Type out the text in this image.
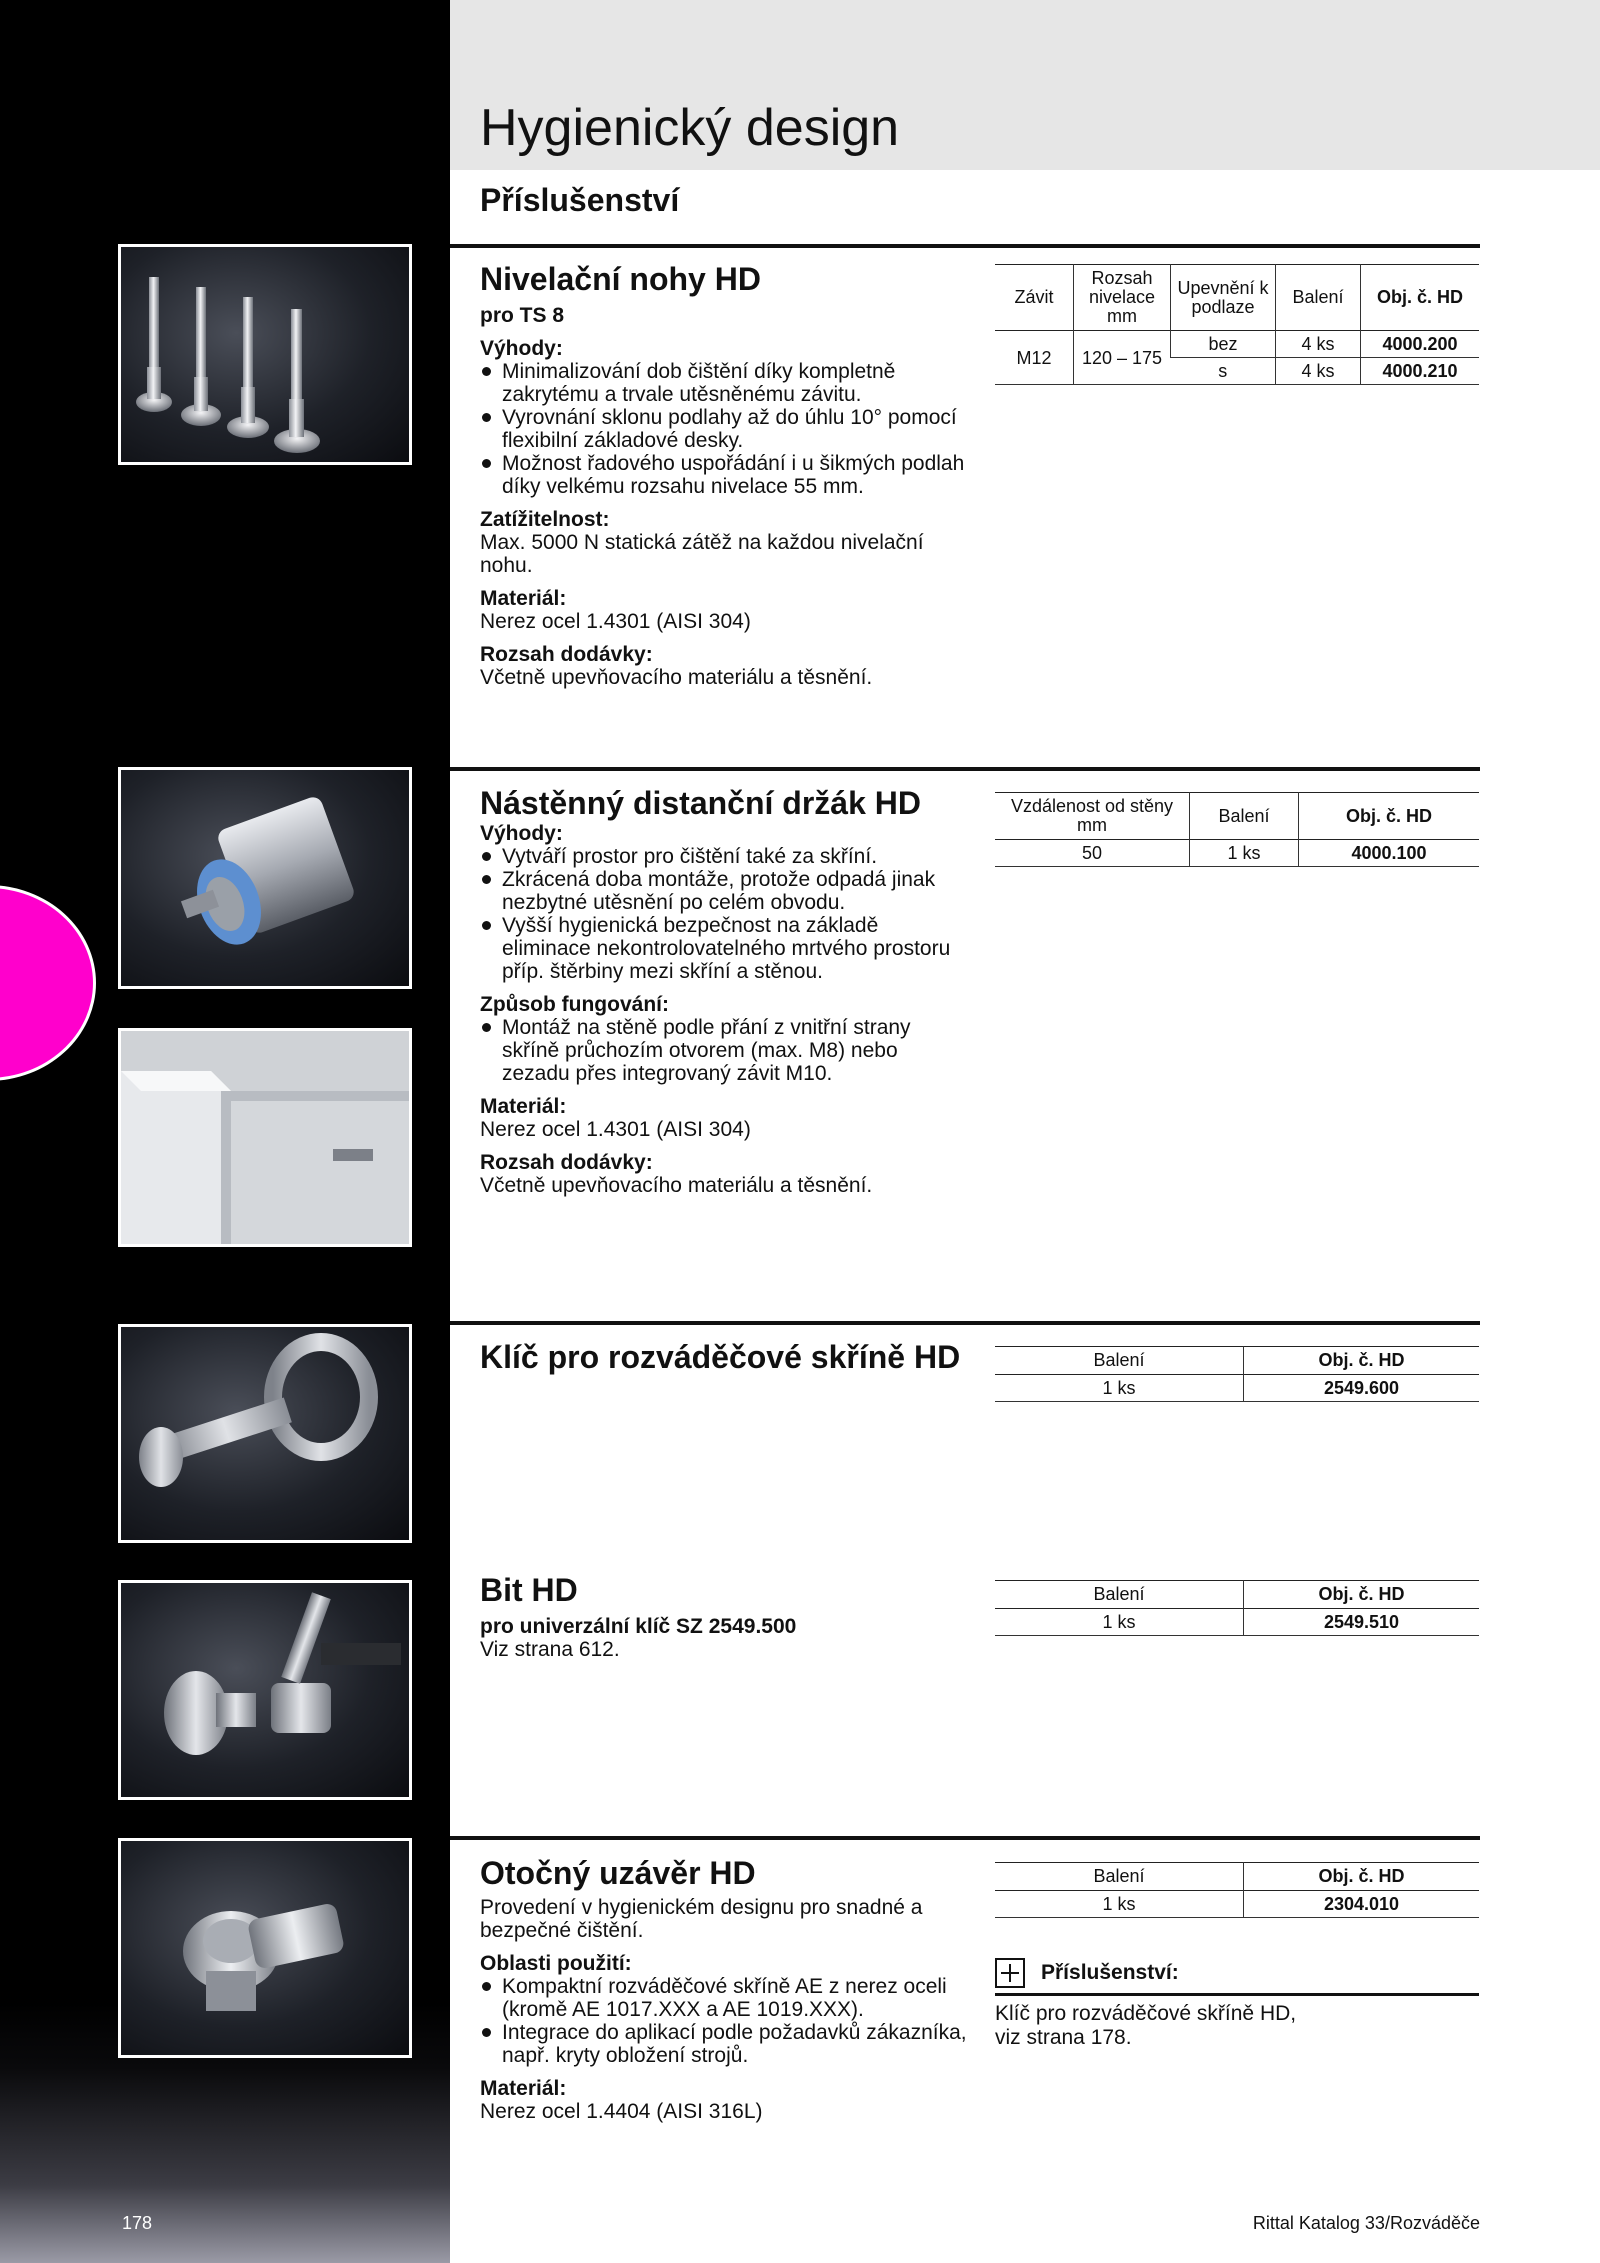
Hygienický design
Příslušenství
Nivelační nohy HD

pro TS 8

Výhody:
Minimalizování dob čištění díky kompletně zakrytému a trvale utěsněnému závitu.
Vyrovnání sklonu podlahy až do úhlu 10° pomocí flexibilní základové desky.
Možnost řadového uspořádání i u šikmých podlah díky velkému rozsahu nivelace 55 mm.
Zatížitelnost:

Max. 5000 N statická zátěž na každou nivelační nohu.

Materiál:

Nerez ocel 1.4301 (AISI 304)

Rozsah dodávky:

Včetně upevňovacího materiálu a těsnění.

Závit	Rozsah nivelace mm	Upevnění k podlaze	Balení	Obj. č. HD
M12	120 – 175	bez	4 ks	4000.200
		s	4 ks	4000.210
Nástěnný distanční držák HD
Výhody:
Vytváří prostor pro čištění také za skříní.
Zkrácená doba montáže, protože odpadá jinak nezbytné utěsnění po celém obvodu.
Vyšší hygienická bezpečnost na základě eliminace nekontrolovatelného mrtvého prostoru příp. štěrbiny mezi skříní a stěnou.
Způsob fungování:
Montáž na stěně podle přání z vnitřní strany skříně průchozím otvorem (max. M8) nebo zezadu přes integrovaný závit M10.
Materiál:

Nerez ocel 1.4301 (AISI 304)

Rozsah dodávky:

Včetně upevňovacího materiálu a těsnění.

Vzdálenost od stěny mm	Balení	Obj. č. HD
50	1 ks	4000.100
Klíč pro rozváděčové skříně HD	Balení	Obj. č. HD
1 ks	2549.600
Bit HD

pro univerzální klíč SZ 2549.500

Viz strana 612.

Balení	Obj. č. HD
1 ks	2549.510
Otočný uzávěr HD

Provedení v hygienickém designu pro snadné a bezpečné čištění.

Oblasti použití:
Kompaktní rozváděčové skříně AE z nerez oceli (kromě AE 1017.XXX a AE 1019.XXX).
Integrace do aplikací podle požadavků zákazníka, např. kryty obložení strojů.
Materiál:

Nerez ocel 1.4404 (AISI 316L)

Balení	Obj. č. HD
1 ks	2304.010
Příslušenství:
Klíč pro rozváděčové skříně HD, viz strana 178.
178	Rittal Katalog 33/Rozváděče
